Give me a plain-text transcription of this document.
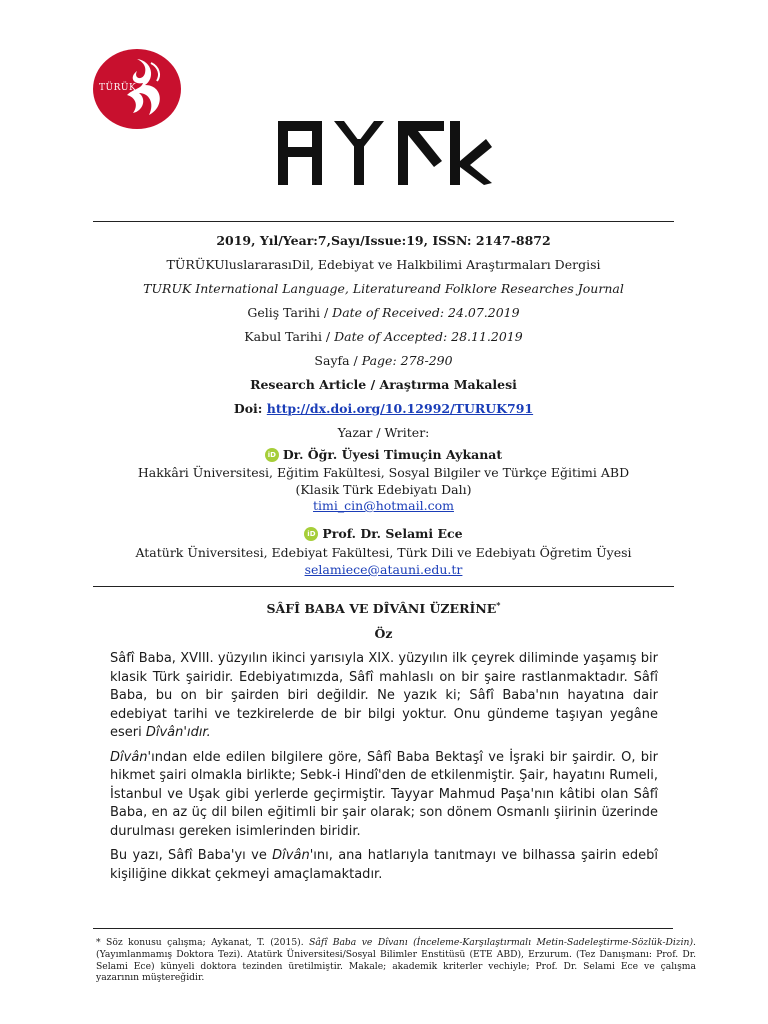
TÜRÜK
2019, Yıl/Year:7,Sayı/Issue:19, ISSN: 2147-8872
TÜRÜKUluslararasıDil, Edebiyat ve Halkbilimi Araştırmaları Dergisi
TURUK International Language, Literatureand Folklore Researches Journal
Geliş Tarihi / Date of Received: 24.07.2019
Kabul Tarihi / Date of Accepted: 28.11.2019
Sayfa / Page: 278-290
Research Article / Araştırma Makalesi
Doi: http://dx.doi.org/10.12992/TURUK791
Yazar / Writer:
iD Dr. Öğr. Üyesi Timuçin Aykanat
Hakkâri Üniversitesi, Eğitim Fakültesi, Sosyal Bilgiler ve Türkçe Eğitimi ABD
(Klasik Türk Edebiyatı Dalı)
timi_cin@hotmail.com
iD Prof. Dr. Selami Ece
Atatürk Üniversitesi, Edebiyat Fakültesi, Türk Dili ve Edebiyatı Öğretim Üyesi
selamiece@atauni.edu.tr
SÂFÎ BABA VE DÎVÂNI ÜZERİNE*
Öz

Sâfî Baba, XVIII. yüzyılın ikinci yarısıyla XIX. yüzyılın ilk çeyrek diliminde yaşamış bir klasik Türk şairidir. Edebiyatımızda, Sâfî mahlaslı on bir şaire rastlanmaktadır. Sâfî Baba, bu on bir şairden biri değildir. Ne yazık ki; Sâfî Baba'nın hayatına dair edebiyat tarihi ve tezkirelerde de bir bilgi yoktur. Onu gündeme taşıyan yegâne eseri Dîvân'ıdır.

Dîvân'ından elde edilen bilgilere göre, Sâfî Baba Bektaşî ve İşraki bir şairdir. O, bir hikmet şairi olmakla birlikte; Sebk-i Hindî'den de etkilenmiştir. Şair, hayatını Rumeli, İstanbul ve Uşak gibi yerlerde geçirmiştir. Tayyar Mahmud Paşa'nın kâtibi olan Sâfî Baba, en az üç dil bilen eğitimli bir şair olarak; son dönem Osmanlı şiirinin üzerinde durulması gereken isimlerinden biridir.

Bu yazı, Sâfî Baba'yı ve Dîvân'ını, ana hatlarıyla tanıtmayı ve bilhassa şairin edebî kişiliğine dikkat çekmeyi amaçlamaktadır.

* Söz konusu çalışma; Aykanat, T. (2015). Sâfî Baba ve Dîvanı (İnceleme-Karşılaştırmalı Metin-Sadeleştirme-Sözlük-Dizin). (Yayımlanmamış Doktora Tezi). Atatürk Üniversitesi/Sosyal Bilimler Enstitüsü (ETE ABD), Erzurum. (Tez Danışmanı: Prof. Dr. Selami Ece) künyeli doktora tezinden üretilmiştir. Makale; akademik kriterler vechiyle; Prof. Dr. Selami Ece ve çalışma yazarının müştereğidir.
